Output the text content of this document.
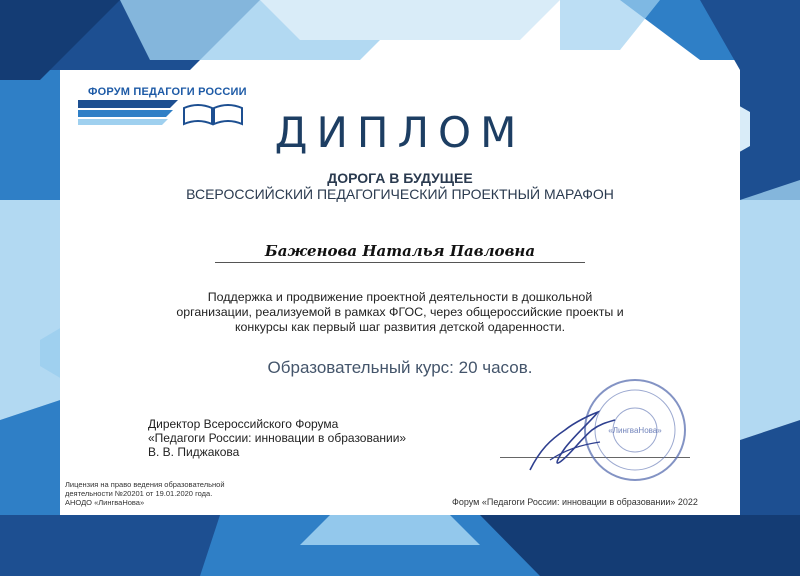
ФОРУМ ПЕДАГОГИ РОССИИ
ДИПЛОМ
ДОРОГА В БУДУЩЕЕ
ВСЕРОССИЙСКИЙ ПЕДАГОГИЧЕСКИЙ ПРОЕКТНЫЙ МАРАФОН
Баженова Наталья Павловна
Поддержка и продвижение проектной деятельности в дошкольной
организации, реализуемой в рамках ФГОС, через общероссийские проекты и
конкурсы как первый шаг развития детской одаренности.
Образовательный курс: 20 часов.
Директор Всероссийского Форума
«Педагоги России: инновации в образовании»
В. В. Пиджакова
«ЛингваНова»
Лицензия на право ведения образовательной
деятельности №20201 от 19.01.2020 года.
АНОДО «ЛингваНова»	Форум «Педагоги России: инновации в образовании» 2022
